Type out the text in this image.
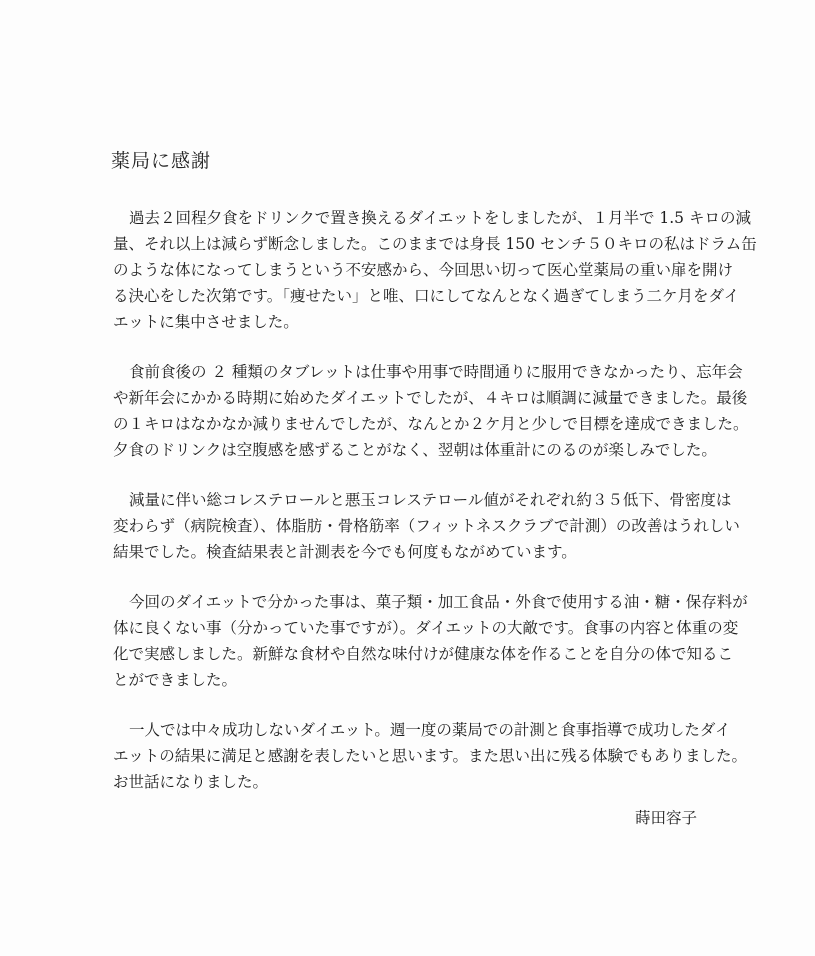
薬局に感謝
過去２回程夕食をドリンクで置き換えるダイエットをしましたが、１月半で 1.5 キロの減
量、それ以上は減らず断念しました。このままでは身長 150 センチ５０キロの私はドラム缶
のような体になってしまうという不安感から、今回思い切って医心堂薬局の重い扉を開け
る決心をした次第です。「痩せたい」と唯、口にしてなんとなく過ぎてしまう二ケ月をダイ
エットに集中させました。
食前食後の ２ 種類のタブレットは仕事や用事で時間通りに服用できなかったり、忘年会
や新年会にかかる時期に始めたダイエットでしたが、４キロは順調に減量できました。最後
の１キロはなかなか減りませんでしたが、なんとか２ケ月と少しで目標を達成できました。
夕食のドリンクは空腹感を感ずることがなく、翌朝は体重計にのるのが楽しみでした。
減量に伴い総コレステロールと悪玉コレステロール値がそれぞれ約３５低下、骨密度は
変わらず（病院検査）、体脂肪・骨格筋率（フィットネスクラブで計測）の改善はうれしい
結果でした。検査結果表と計測表を今でも何度もながめています。
今回のダイエットで分かった事は、菓子類・加工食品・外食で使用する油・糖・保存料が
体に良くない事（分かっていた事ですが）。ダイエットの大敵です。食事の内容と体重の変
化で実感しました。新鮮な食材や自然な味付けが健康な体を作ることを自分の体で知るこ
とができました。
一人では中々成功しないダイエット。週一度の薬局での計測と食事指導で成功したダイ
エットの結果に満足と感謝を表したいと思います。また思い出に残る体験でもありました。
お世話になりました。
蒔田容子
